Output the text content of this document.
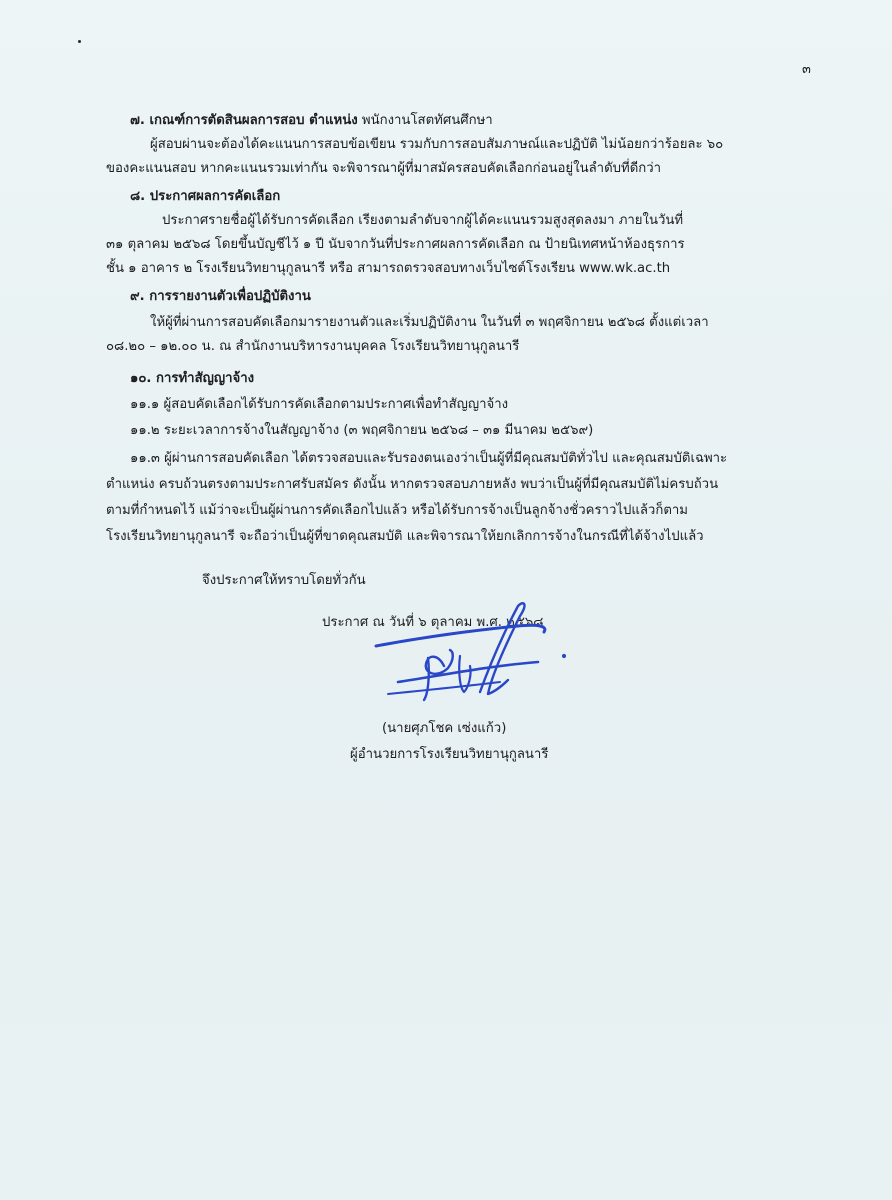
๓
๗. เกณฑ์การตัดสินผลการสอบ ตำแหน่ง พนักงานโสตทัศนศึกษา
ผู้สอบผ่านจะต้องได้คะแนนการสอบข้อเขียน รวมกับการสอบสัมภาษณ์และปฏิบัติ ไม่น้อยกว่าร้อยละ ๖๐
ของคะแนนสอบ หากคะแนนรวมเท่ากัน จะพิจารณาผู้ที่มาสมัครสอบคัดเลือกก่อนอยู่ในลำดับที่ดีกว่า
๘. ประกาศผลการคัดเลือก
ประกาศรายชื่อผู้ได้รับการคัดเลือก เรียงตามลำดับจากผู้ได้คะแนนรวมสูงสุดลงมา ภายในวันที่
๓๑ ตุลาคม ๒๕๖๘ โดยขึ้นบัญชีไว้ ๑ ปี นับจากวันที่ประกาศผลการคัดเลือก ณ ป้ายนิเทศหน้าห้องธุรการ
ชั้น ๑ อาคาร ๒ โรงเรียนวิทยานุกูลนารี หรือ สามารถตรวจสอบทางเว็บไซต์โรงเรียน www.wk.ac.th
๙. การรายงานตัวเพื่อปฏิบัติงาน
ให้ผู้ที่ผ่านการสอบคัดเลือกมารายงานตัวและเริ่มปฏิบัติงาน ในวันที่ ๓ พฤศจิกายน ๒๕๖๘ ตั้งแต่เวลา
๐๘.๒๐ – ๑๒.๐๐ น. ณ สำนักงานบริหารงานบุคคล โรงเรียนวิทยานุกูลนารี
๑๐. การทำสัญญาจ้าง
๑๑.๑ ผู้สอบคัดเลือกได้รับการคัดเลือกตามประกาศเพื่อทำสัญญาจ้าง
๑๑.๒ ระยะเวลาการจ้างในสัญญาจ้าง (๓ พฤศจิกายน ๒๕๖๘ – ๓๑ มีนาคม ๒๕๖๙)
๑๑.๓ ผู้ผ่านการสอบคัดเลือก ได้ตรวจสอบและรับรองตนเองว่าเป็นผู้ที่มีคุณสมบัติทั่วไป และคุณสมบัติเฉพาะ
ตำแหน่ง ครบถ้วนตรงตามประกาศรับสมัคร ดังนั้น หากตรวจสอบภายหลัง พบว่าเป็นผู้ที่มีคุณสมบัติไม่ครบถ้วน
ตามที่กำหนดไว้ แม้ว่าจะเป็นผู้ผ่านการคัดเลือกไปแล้ว หรือได้รับการจ้างเป็นลูกจ้างชั่วคราวไปแล้วก็ตาม
โรงเรียนวิทยานุกูลนารี จะถือว่าเป็นผู้ที่ขาดคุณสมบัติ และพิจารณาให้ยกเลิกการจ้างในกรณีที่ได้จ้างไปแล้ว
จึงประกาศให้ทราบโดยทั่วกัน
ประกาศ ณ วันที่ ๖ ตุลาคม พ.ศ. ๒๕๖๘
(นายศุภโชค เซ่งแก้ว)
ผู้อำนวยการโรงเรียนวิทยานุกูลนารี
